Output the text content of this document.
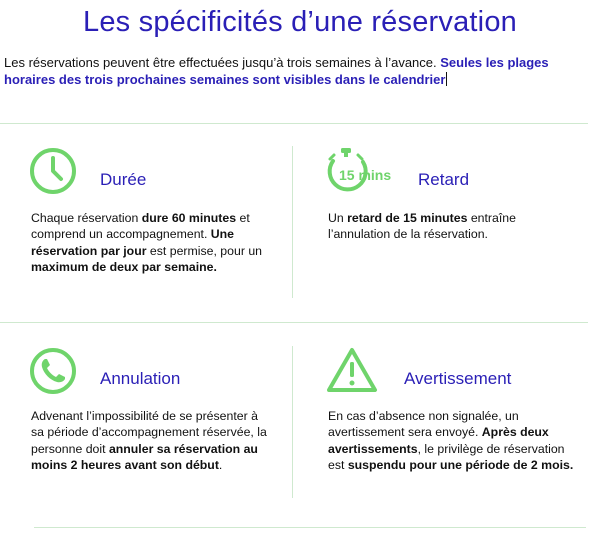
Les spécificités d’une réservation

Les réservations peuvent être effectuées jusqu’à trois semaines à l’avance. Seules les plages horaires des trois prochaines semaines sont visibles dans le calendrier

Durée

Chaque réservation dure 60 minutes et comprend un accompagnement. Une réservation par jour est permise, pour un maximum de deux par semaine.

15 mins Retard

Un retard de 15 minutes entraîne l’annulation de la réservation.

Annulation

Advenant l’impossibilité de se présenter à sa période d’accompagnement réservée, la personne doit annuler sa réservation au moins 2 heures avant son début.

Avertissement

En cas d’absence non signalée, un avertissement sera envoyé. Après deux avertissements, le privilège de réservation est suspendu pour une période de 2 mois.
